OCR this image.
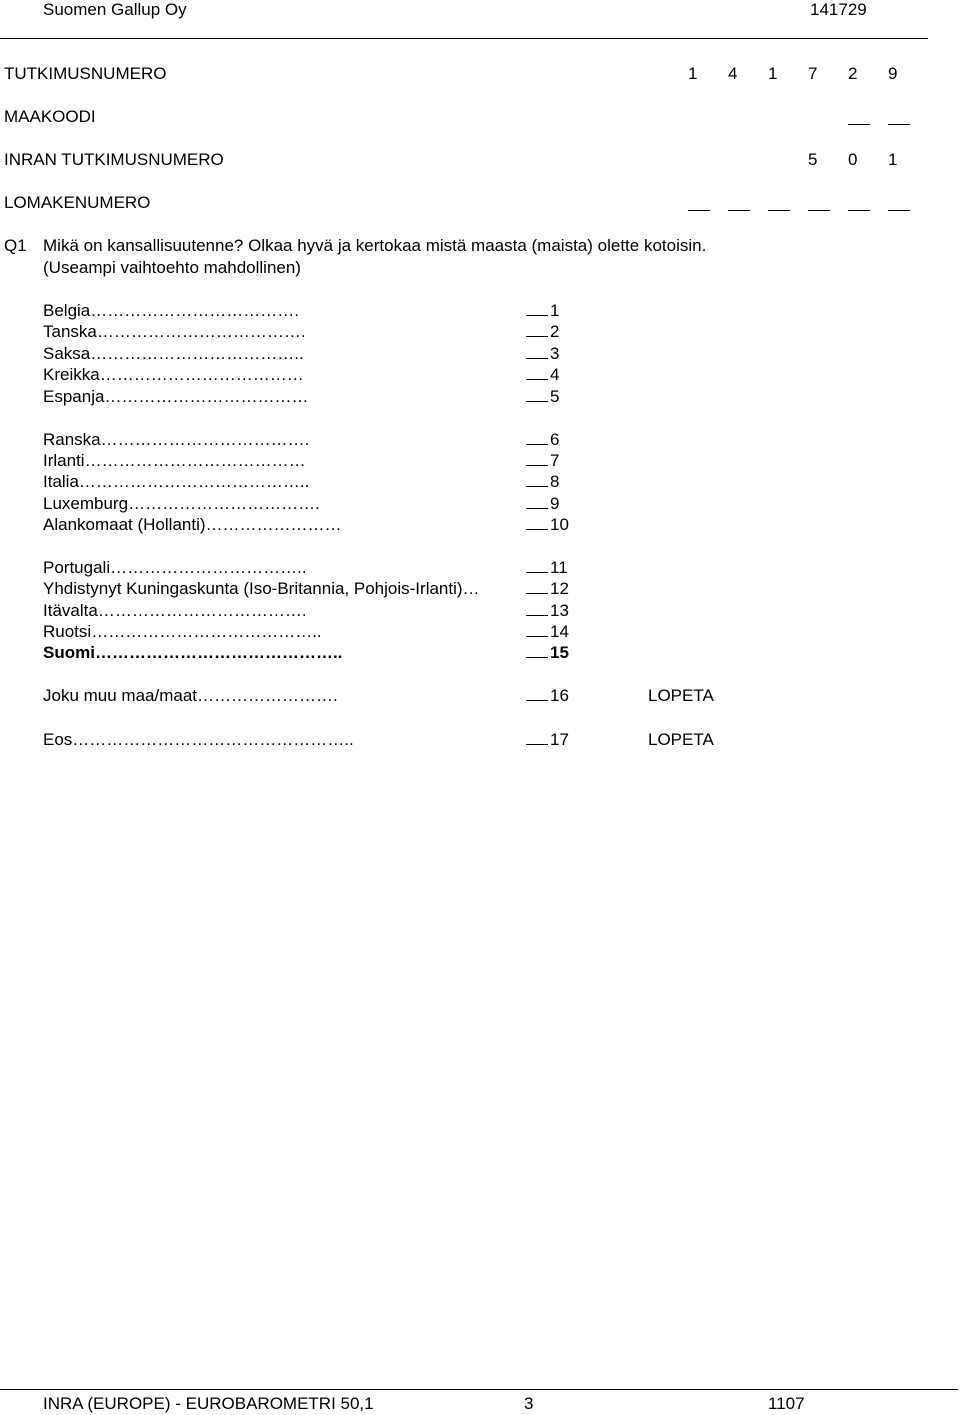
Suomen Gallup Oy	141729
TUTKIMUSNUMERO	1 4 1 7 2 9
MAAKOODI
INRAN TUTKIMUSNUMERO	5 0 1
LOMAKENUMERO
Q1 Mikä on kansallisuutenne? Olkaa hyvä ja kertokaa mistä maasta (maista) olette kotoisin.
(Useampi vaihtoehto mahdollinen)
Belgia……………………………….	1
Tanska……………………………….	2
Saksa………………………………..	3
Kreikka………………………………	4
Espanja………………………………	5
Ranska……………………………….	6
Irlanti…………………………………	7
Italia…………………………………..	8
Luxemburg…………………………….	9
Alankomaat (Hollanti)……………………	10
Portugali……………………………..	11
Yhdistynyt Kuningaskunta (Iso-Britannia, Pohjois-Irlanti)…	12
Itävalta……………………………….	13
Ruotsi…………………………………..	14
Suomi……………………………………..	15
Joku muu maa/maat…………………….	16	LOPETA
Eos…………………………………………..	17	LOPETA
INRA (EUROPE) - EUROBAROMETRI 50,1	3	1107
